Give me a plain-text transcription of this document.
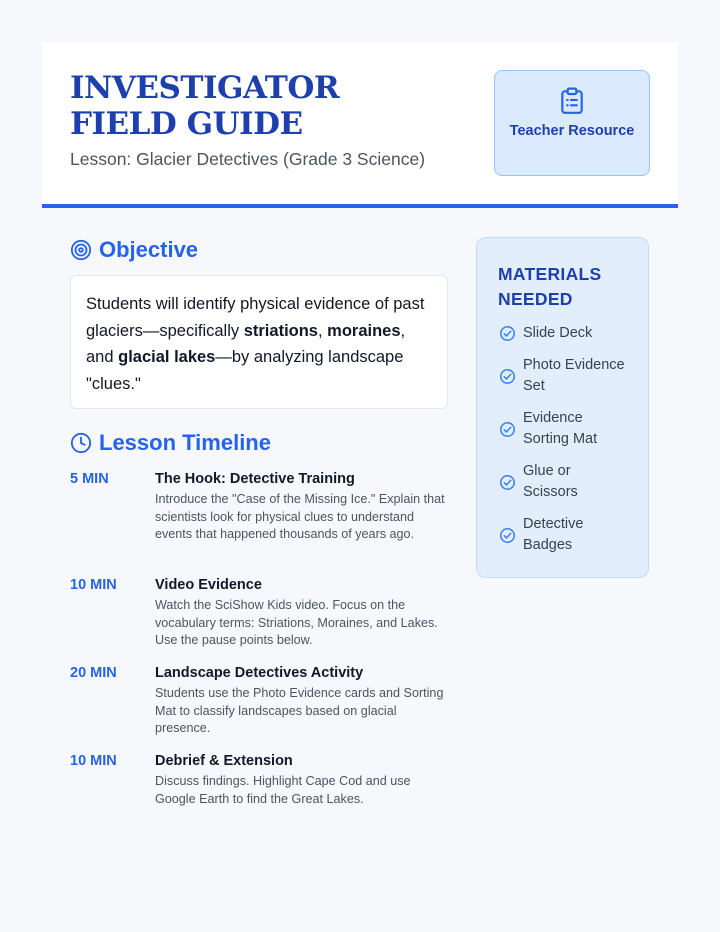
INVESTIGATOR FIELD GUIDE
Lesson: Glacier Detectives (Grade 3 Science)
Teacher Resource
Objective
Students will identify physical evidence of past glaciers—specifically striations, moraines, and glacial lakes—by analyzing landscape "clues."
Lesson Timeline
5 MIN	The Hook: Detective Training
Introduce the "Case of the Missing Ice." Explain that scientists look for physical clues to understand events that happened thousands of years ago.
10 MIN	Video Evidence
Watch the SciShow Kids video. Focus on the vocabulary terms: Striations, Moraines, and Lakes. Use the pause points below.
20 MIN	Landscape Detectives Activity
Students use the Photo Evidence cards and Sorting Mat to classify landscapes based on glacial presence.
10 MIN	Debrief & Extension
Discuss findings. Highlight Cape Cod and use Google Earth to find the Great Lakes.
MATERIALS NEEDED
Slide Deck
Photo Evidence Set
Evidence Sorting Mat
Glue or Scissors
Detective Badges
